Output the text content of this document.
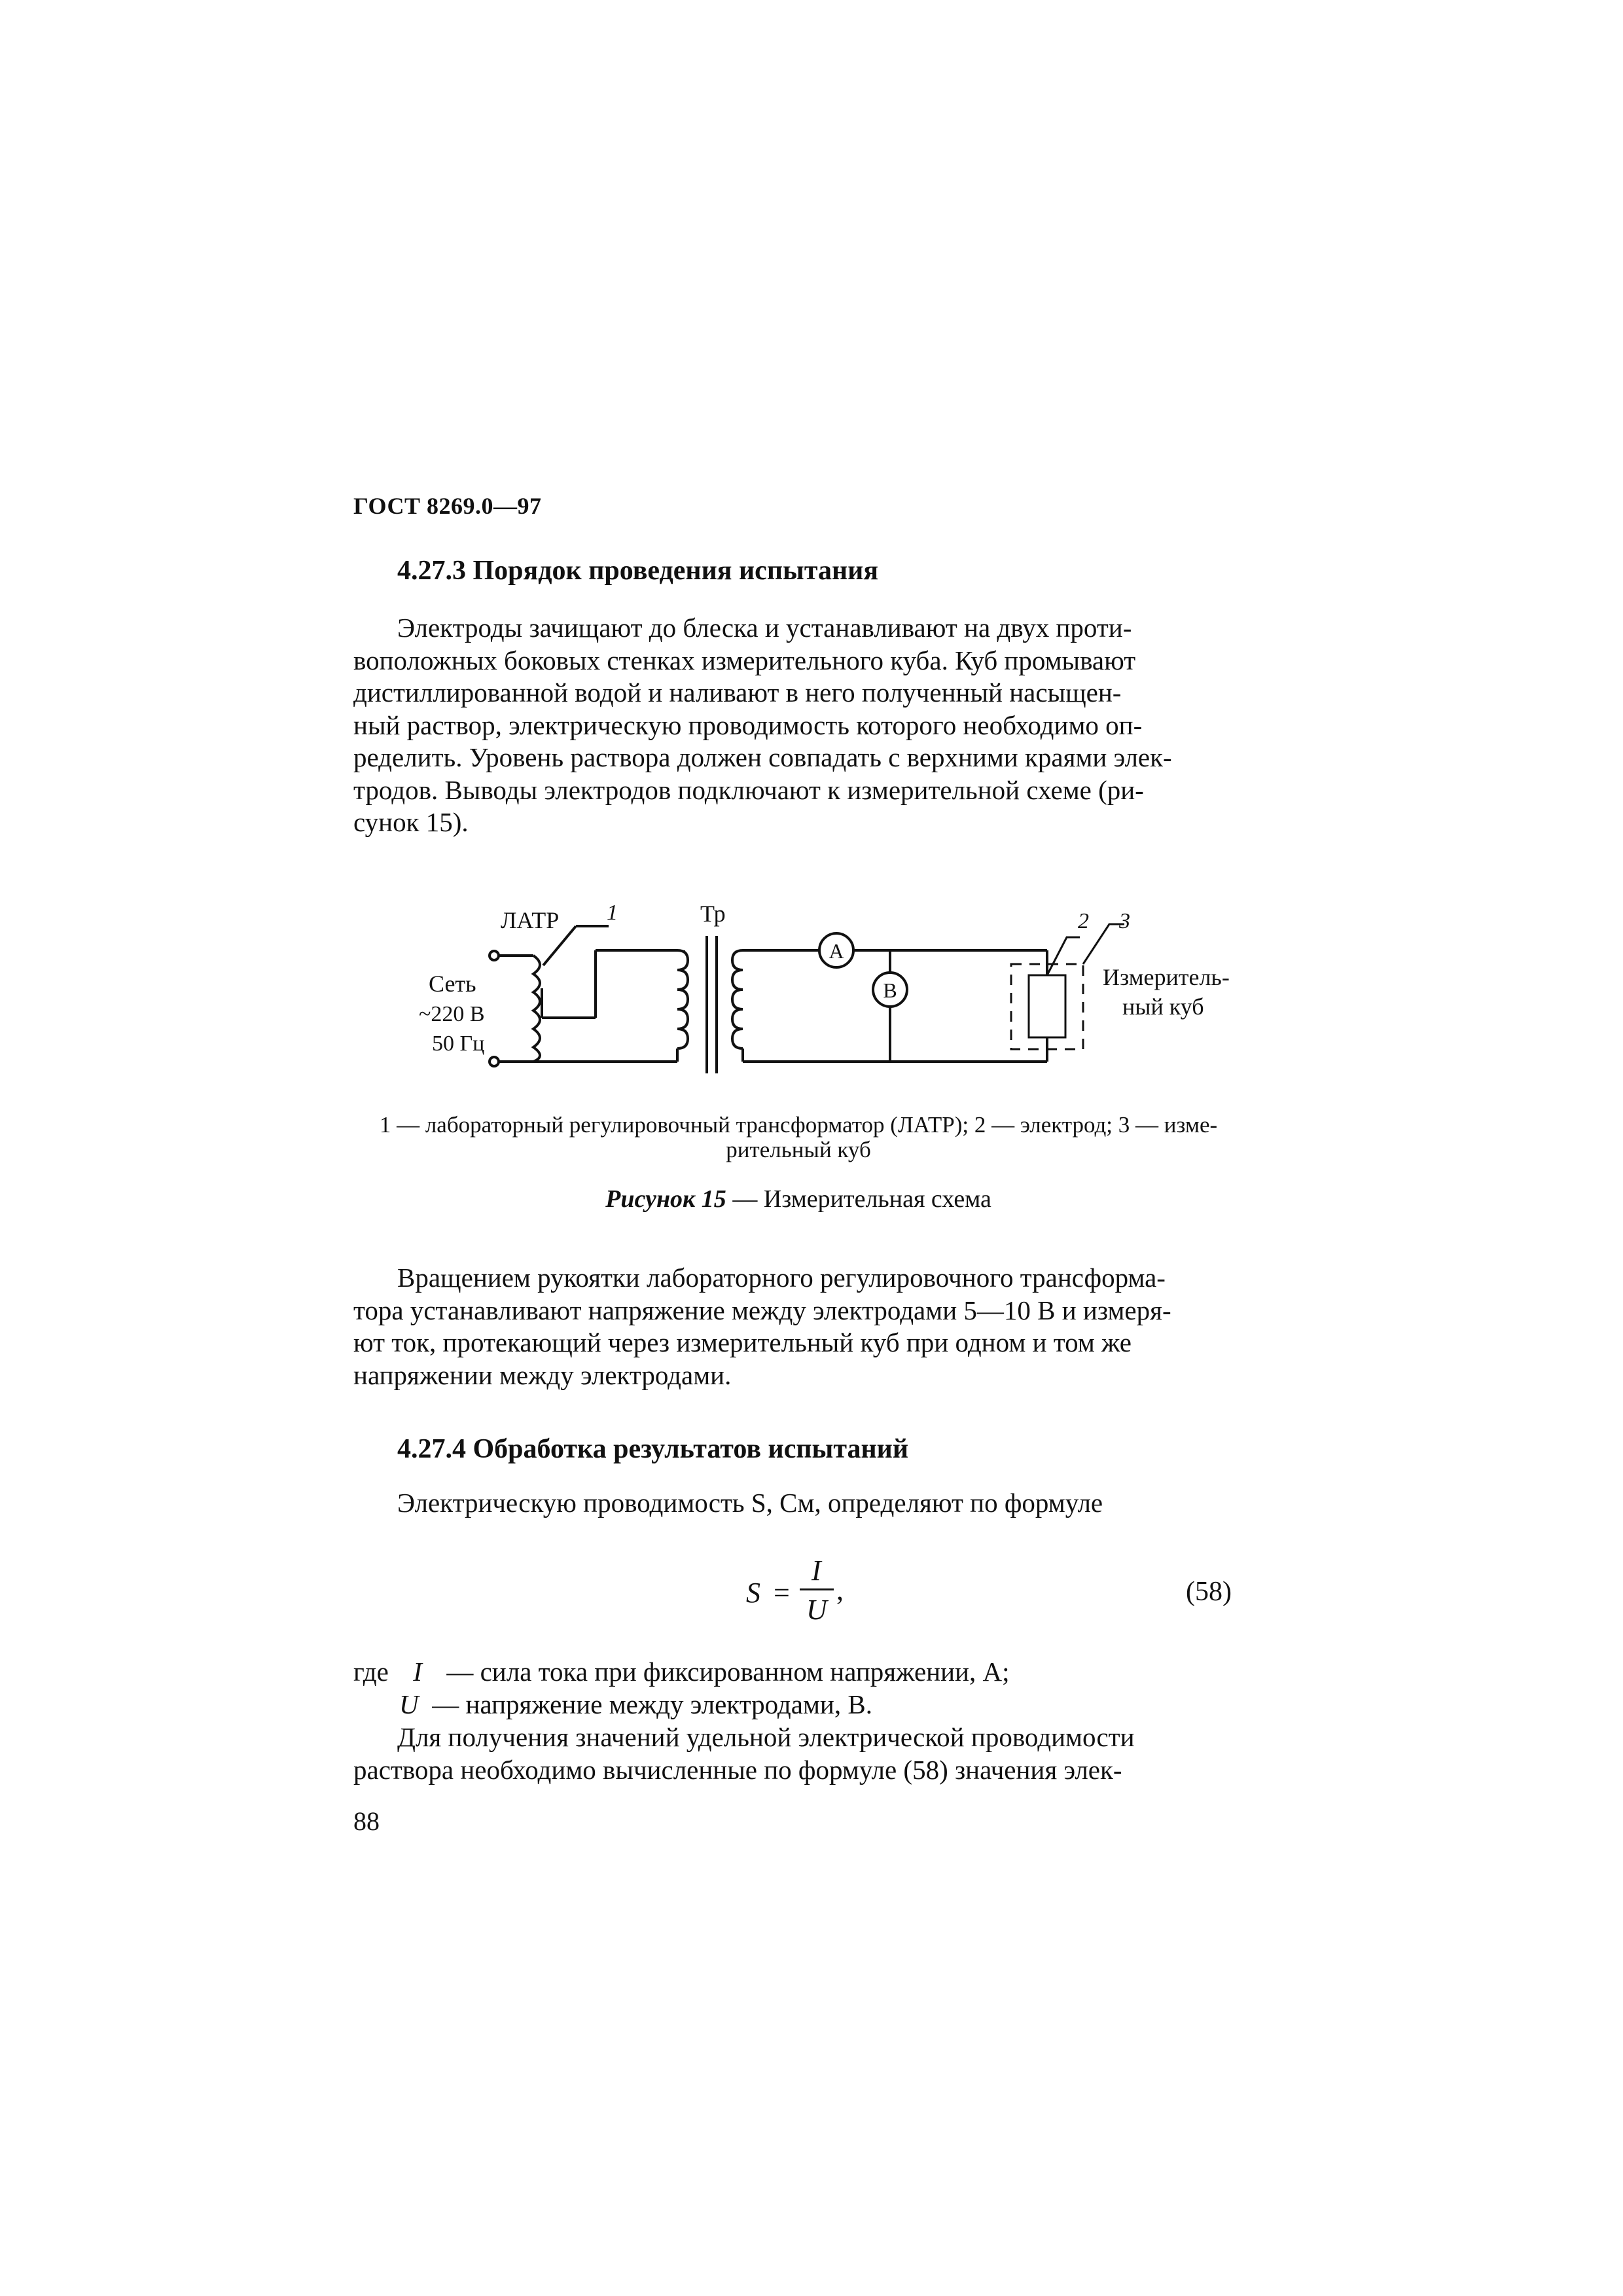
ГОСТ 8269.0—97
4.27.3 Порядок проведения испытания
Электроды зачищают до блеска и устанавливают на двух проти-
воположных боковых стенках измерительного куба. Куб промывают
дистиллированной водой и наливают в него полученный насыщен-
ный раствор, электрическую проводимость которого необходимо оп-
ределить. Уровень раствора должен совпадать с верхними краями элек-
тродов. Выводы электродов подключают к измерительной схеме (ри-
сунок 15).
ЛАТР 1	Тр	2 3
Сеть
~220 В
50 Гц
А
В	Измеритель-
ный куб
1 — лабораторный регулировочный трансформатор (ЛАТР); 2 — электрод; 3 — изме-
рительный куб
Рисунок 15 — Измерительная схема
Вращением рукоятки лабораторного регулировочного трансформа-
тора устанавливают напряжение между электродами 5—10 В и измеря-
ют ток, протекающий через измерительный куб при одном и том же
напряжении между электродами.
4.27.4 Обработка результатов испытаний
Электрическую проводимость S, См, определяют по формуле
S =
I
U
,	(58)
где I — сила тока при фиксированном напряжении, А;
U — напряжение между электродами, В.
Для получения значений удельной электрической проводимости
раствора необходимо вычисленные по формуле (58) значения элек-
88
